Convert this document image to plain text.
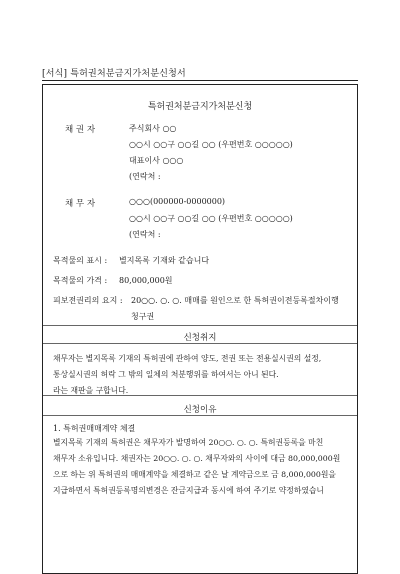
[서식] 특허권처분금지가처분신청서
특허권처분금지가처분신청
채 권 자	주식회사 ○○
○○시 ○○구 ○○길 ○○ (우편번호 ○○○○○)
대표이사 ○○○
(연락처 :
채 무 자	○○○(000000-0000000)
○○시 ○○구 ○○길 ○○ (우편번호 ○○○○○)
(연락처 :
목적물의 표시 : 별지목록 기재와 같습니다
목적물의 가격 : 80,000,000원
피보전권리의 요지 : 20○○. ○. ○. 매매를 원인으로 한 특허권이전등록절차이행
청구권
신청취지
채무자는 별지목록 기재의 특허권에 관하여 양도, 전권 또는 전용실시권의 설정,
통상실시권의 허락 그 밖의 일체의 처분행위를 하여서는 아니 된다.
라는 재판을 구합니다.
신청이유
1. 특허권매매계약 체결
별지목록 기재의 특허권은 채무자가 발명하여 20○○. ○. ○. 특허권등록을 마친
채무자 소유입니다. 채권자는 20○○. ○. ○. 채무자와의 사이에 대금 80,000,000원
으로 하는 위 특허권의 매매계약을 체결하고 같은 날 계약금으로 금 8,000,000원을
지급하면서 특허권등록명의변경은 잔금지급과 동시에 하여 주기로 약정하였습니
